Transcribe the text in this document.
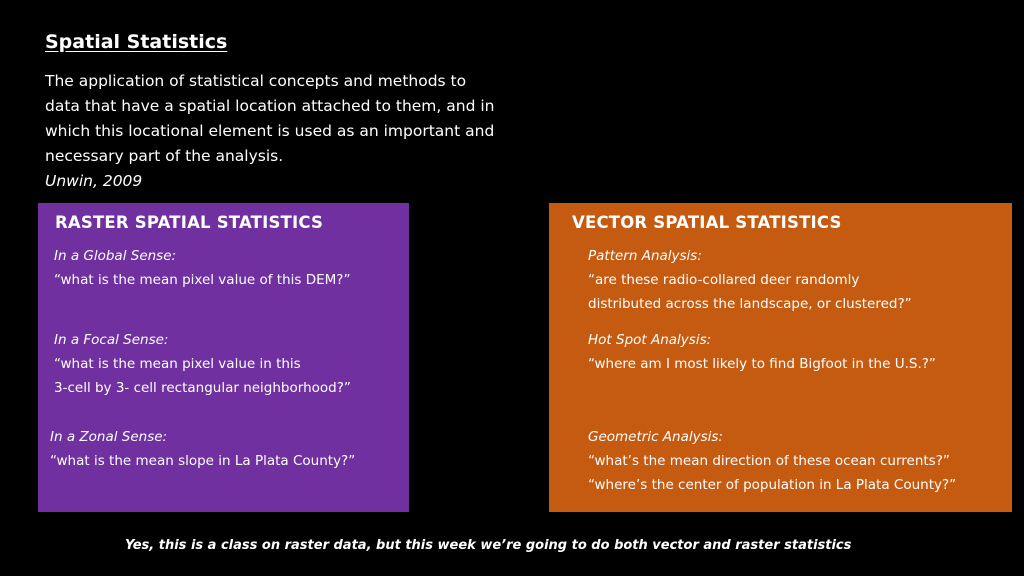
Spatial Statistics

The application of statistical concepts and methods to

data that have a spatial location attached to them, and in

which this locational element is used as an important and

necessary part of the analysis.

Unwin, 2009

RASTER SPATIAL STATISTICS
In a Global Sense:
“what is the mean pixel value of this DEM?”
In a Focal Sense:
“what is the mean pixel value in this
3-cell by 3- cell rectangular neighborhood?”
In a Zonal Sense:
“what is the mean slope in La Plata County?”
VECTOR SPATIAL STATISTICS
Pattern Analysis:
“are these radio-collared deer randomly
distributed across the landscape, or clustered?”
Hot Spot Analysis:
“where am I most likely to find Bigfoot in the U.S.?”
Geometric Analysis:
“what’s the mean direction of these ocean currents?”
“where’s the center of population in La Plata County?”
Yes, this is a class on raster data, but this week we’re going to do both vector and raster statistics
